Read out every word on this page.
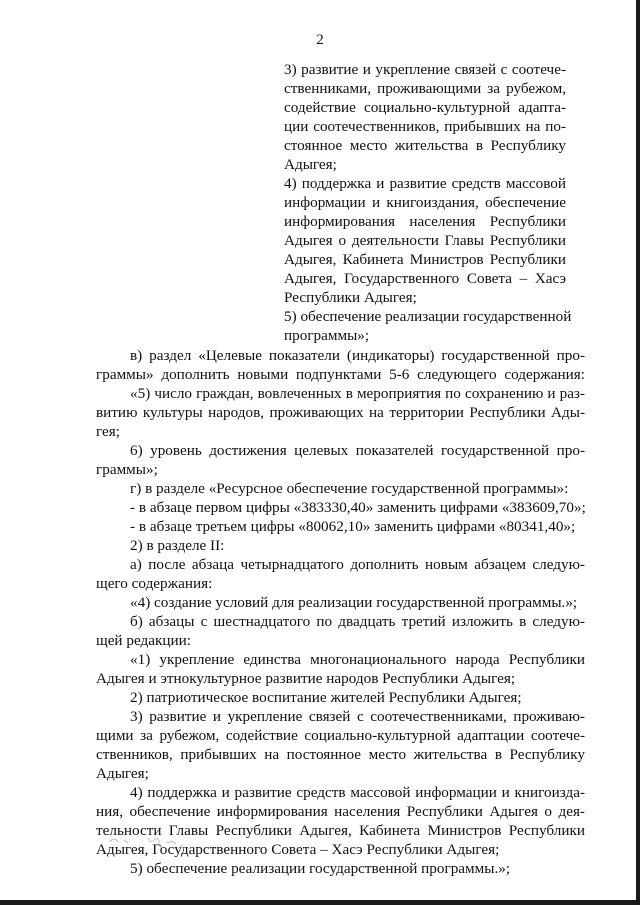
2
3) развитие и укрепление связей с соотече-
ственниками, проживающими за рубежом,
содействие социально-культурной адапта-
ции соотечественников, прибывших на по-
стоянное место жительства в Республику
Адыгея;
4) поддержка и развитие средств массовой
информации и книгоиздания, обеспечение
информирования населения Республики
Адыгея о деятельности Главы Республики
Адыгея, Кабинета Министров Республики
Адыгея, Государственного Совета – Хасэ
Республики Адыгея;
5) обеспечение реализации государственной
программы»;
в) раздел «Целевые показатели (индикаторы) государственной про-
граммы» дополнить новыми подпунктами 5-6 следующего содержания:
«5) число граждан, вовлеченных в мероприятия по сохранению и раз-
витию культуры народов, проживающих на территории Республики Ады-
гея;
6) уровень достижения целевых показателей государственной про-
граммы»;
г) в разделе «Ресурсное обеспечение государственной программы»:
- в абзаце первом цифры «383330,40» заменить цифрами «383609,70»;
- в абзаце третьем цифры «80062,10» заменить цифрами «80341,40»;
2) в разделе II:
а) после абзаца четырнадцатого дополнить новым абзацем следую-
щего содержания:
«4) создание условий для реализации государственной программы.»;
б) абзацы с шестнадцатого по двадцать третий изложить в следую-
щей редакции:
«1) укрепление единства многонационального народа Республики
Адыгея и этнокультурное развитие народов Республики Адыгея;
2) патриотическое воспитание жителей Республики Адыгея;
3) развитие и укрепление связей с соотечественниками, проживаю-
щими за рубежом, содействие социально-культурной адаптации соотече-
ственников, прибывших на постоянное место жительства в Республику
Адыгея;
4) поддержка и развитие средств массовой информации и книгоизда-
ния, обеспечение информирования населения Республики Адыгея о дея-
тельности Главы Республики Адыгея, Кабинета Министров Республики
Адыгея, Государственного Совета – Хасэ Республики Адыгея;
5) обеспечение реализации государственной программы.»;
